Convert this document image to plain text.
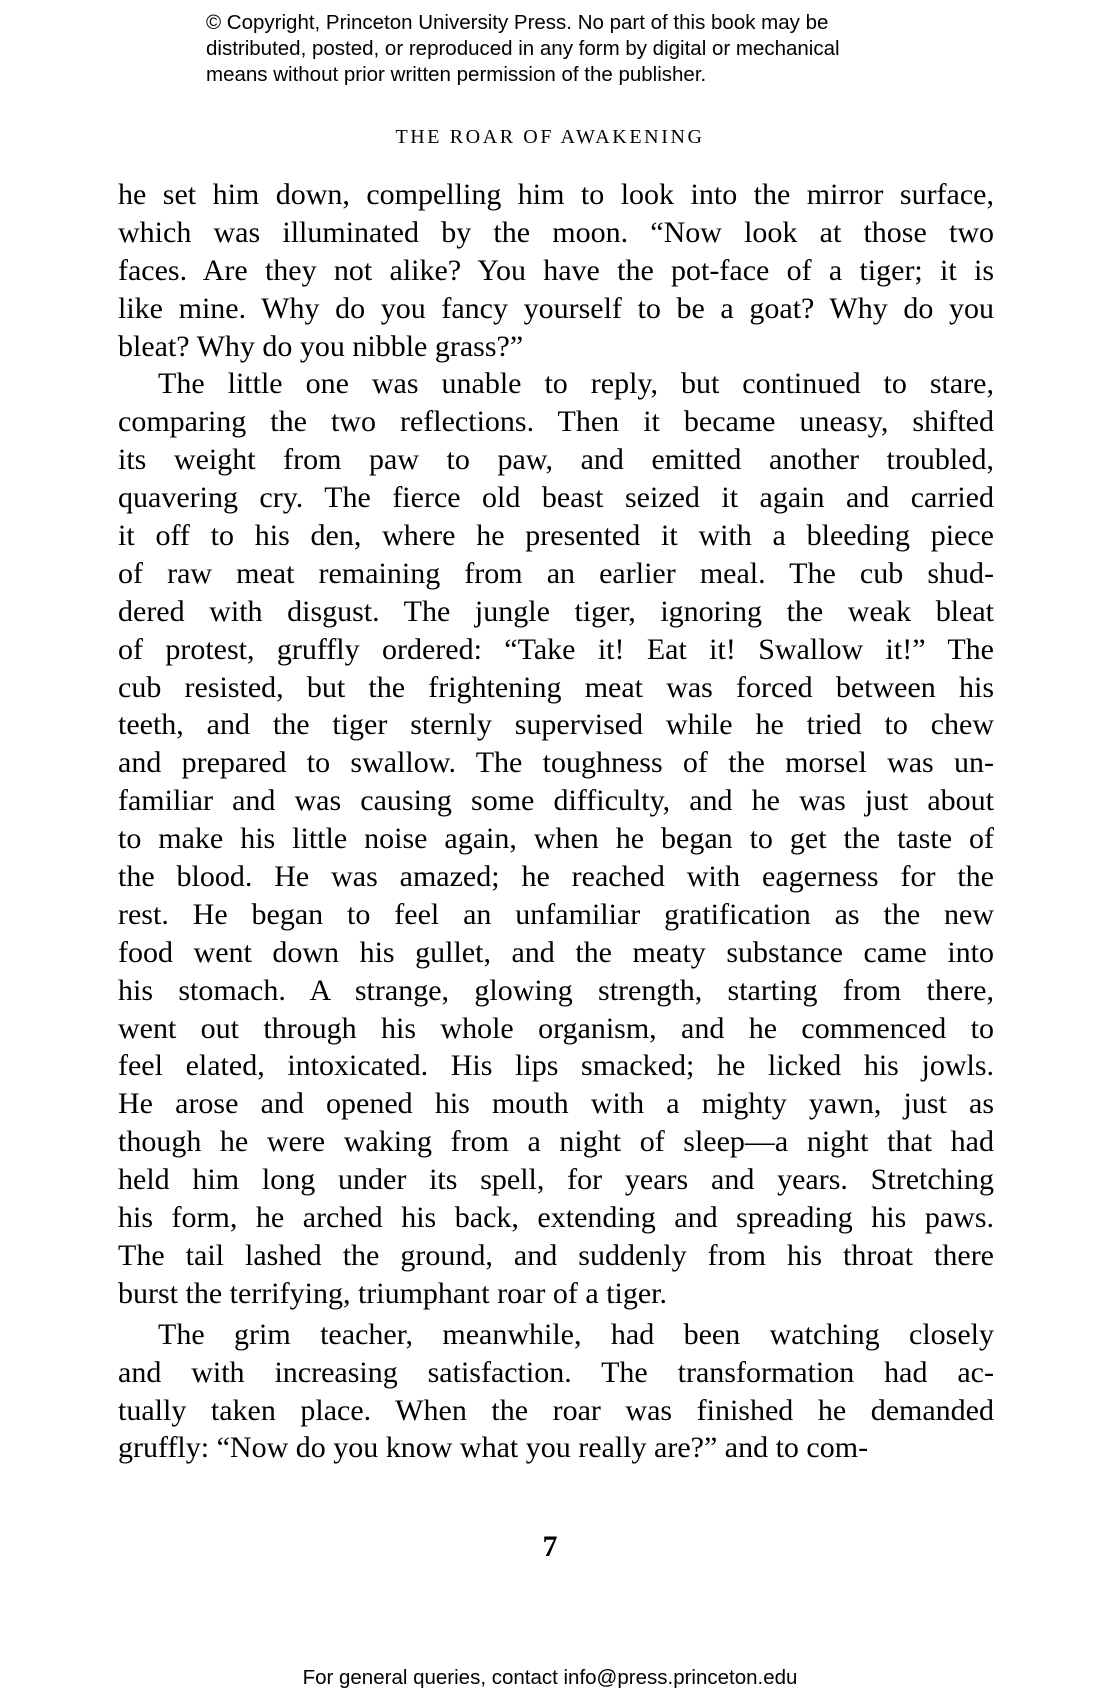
© Copyright, Princeton University Press. No part of this book may be
distributed, posted, or reproduced in any form by digital or mechanical
means without prior written permission of the publisher.

THE ROAR OF AWAKENING

he set him down, compelling him to look into the mirror surface,
which was illuminated by the moon. “Now look at those two
faces. Are they not alike? You have the pot-face of a tiger; it is
like mine. Why do you fancy yourself to be a goat? Why do you
bleat? Why do you nibble grass?”

The little one was unable to reply, but continued to stare,
comparing the two reflections. Then it became uneasy, shifted
its weight from paw to paw, and emitted another troubled,
quavering cry. The fierce old beast seized it again and carried
it off to his den, where he presented it with a bleeding piece
of raw meat remaining from an earlier meal. The cub shud-
dered with disgust. The jungle tiger, ignoring the weak bleat
of protest, gruffly ordered: “Take it! Eat it! Swallow it!” The
cub resisted, but the frightening meat was forced between his
teeth, and the tiger sternly supervised while he tried to chew
and prepared to swallow. The toughness of the morsel was un-
familiar and was causing some difficulty, and he was just about
to make his little noise again, when he began to get the taste of
the blood. He was amazed; he reached with eagerness for the
rest. He began to feel an unfamiliar gratification as the new
food went down his gullet, and the meaty substance came into
his stomach. A strange, glowing strength, starting from there,
went out through his whole organism, and he commenced to
feel elated, intoxicated. His lips smacked; he licked his jowls.
He arose and opened his mouth with a mighty yawn, just as
though he were waking from a night of sleep—a night that had
held him long under its spell, for years and years. Stretching
his form, he arched his back, extending and spreading his paws.
The tail lashed the ground, and suddenly from his throat there
burst the terrifying, triumphant roar of a tiger.

The grim teacher, meanwhile, had been watching closely
and with increasing satisfaction. The transformation had ac-
tually taken place. When the roar was finished he demanded
gruffly: “Now do you know what you really are?” and to com-

7

For general queries, contact info@press.princeton.edu
